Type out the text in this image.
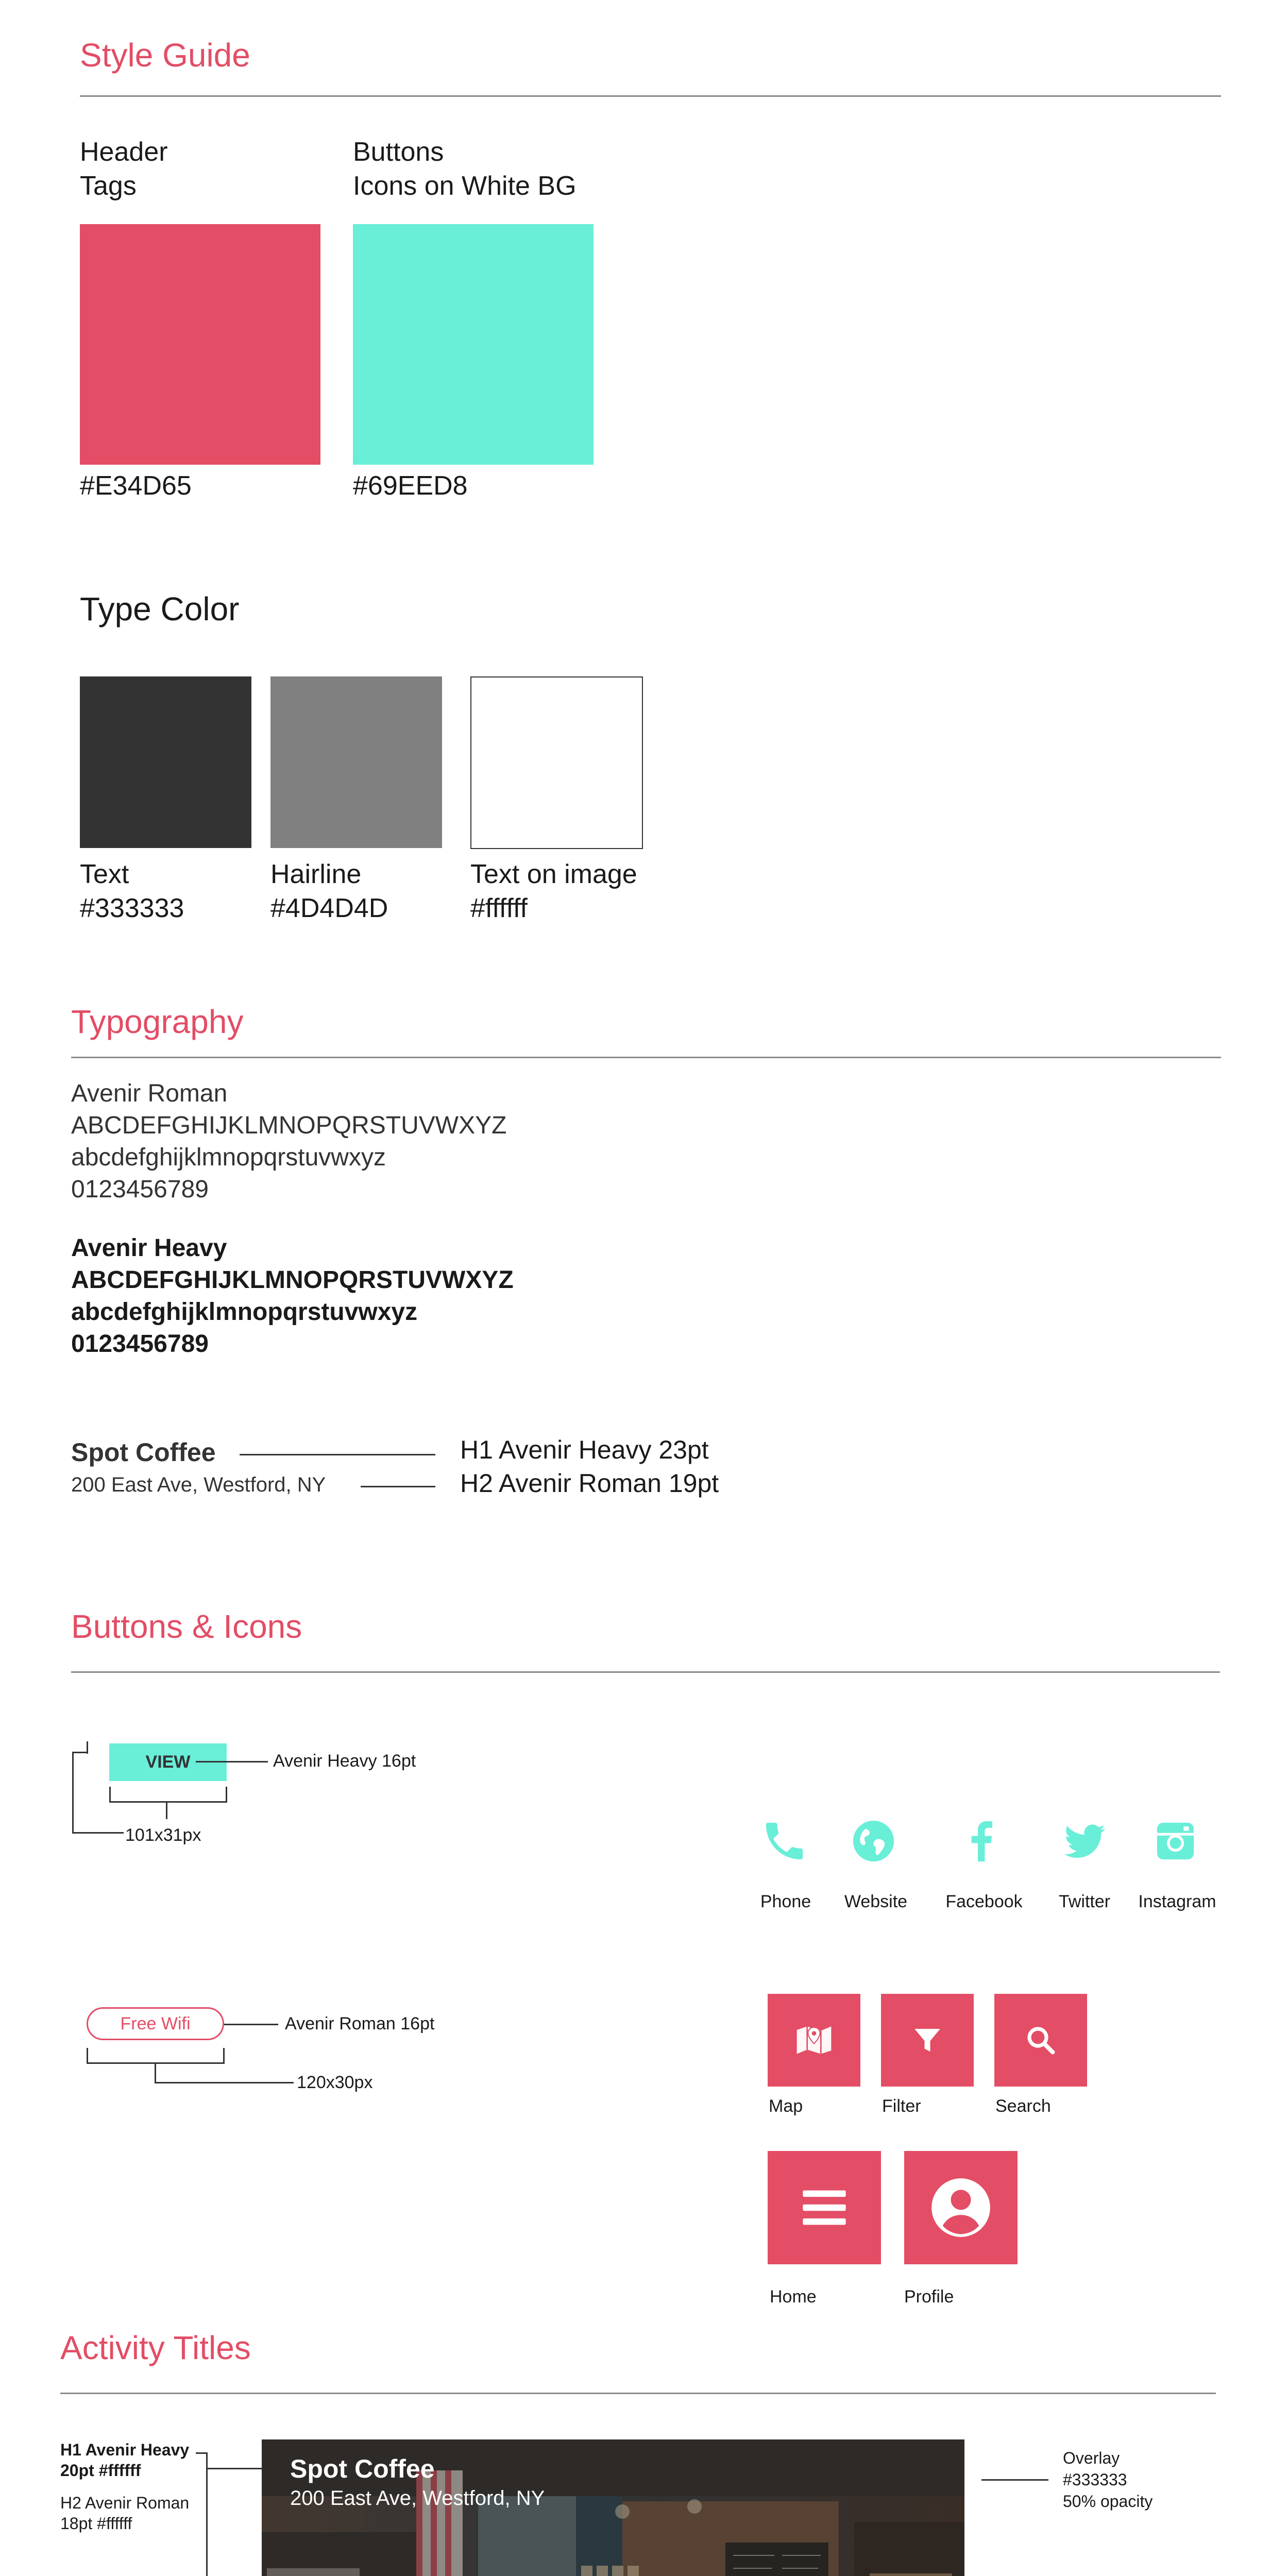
Style Guide
Header
Tags
#E34D65
Buttons
Icons on White BG
#69EED8
Type Color
Text
#333333
Hairline
#4D4D4D
Text on image
#ffffff
Typography
Avenir Roman
ABCDEFGHIJKLMNOPQRSTUVWXYZ
abcdefghijklmnopqrstuvwxyz
0123456789
Avenir Heavy
ABCDEFGHIJKLMNOPQRSTUVWXYZ
abcdefghijklmnopqrstuvwxyz
0123456789
Spot Coffee
200 East Ave, Westford, NY
H1 Avenir Heavy 23pt
H2 Avenir Roman 19pt
Buttons & Icons
VIEW	Avenir Heavy 16pt
101x31px
Free Wifi	Avenir Roman 16pt
120x30px
Phone	Website	Facebook	Twitter	Instagram
Map	Filter	Search
Home	Profile
Activity Titles
H1 Avenir Heavy
20pt #ffffff
H2 Avenir Roman
18pt #ffffff
Spot Coffee
200 East Ave, Westford, NY
Overlay
#333333
50% opacity
